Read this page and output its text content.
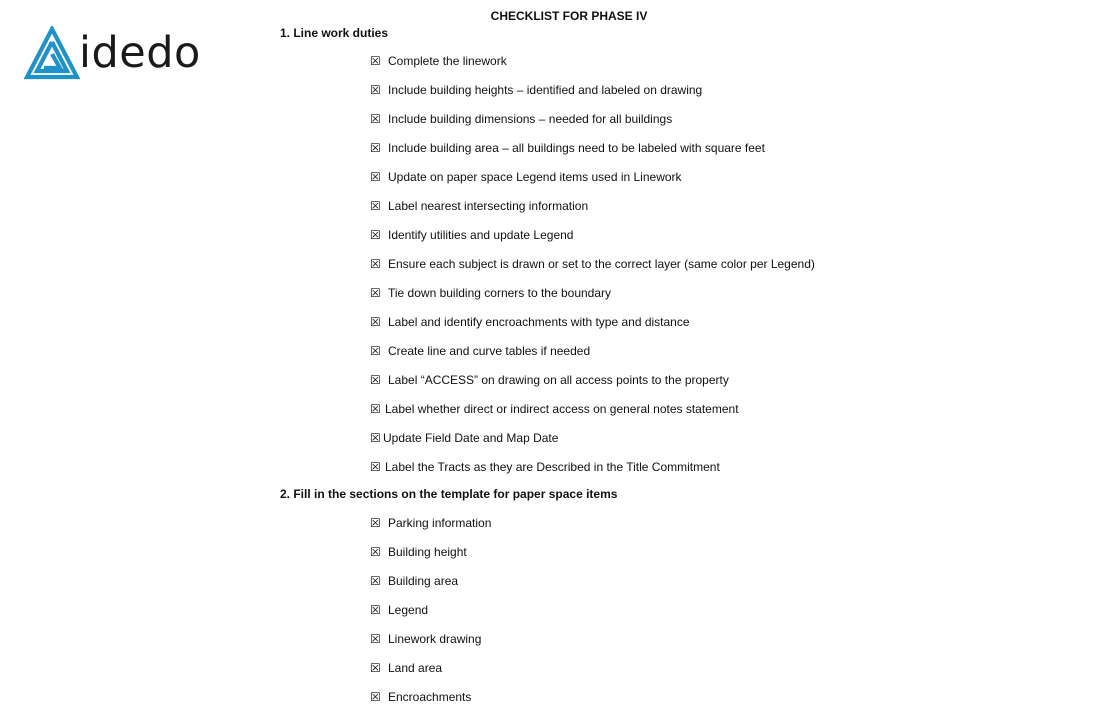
idedo
CHECKLIST FOR PHASE IV
1. Line work duties
☒ Complete the linework
☒ Include building heights – identified and labeled on drawing
☒ Include building dimensions – needed for all buildings
☒ Include building area – all buildings need to be labeled with square feet
☒ Update on paper space Legend items used in Linework
☒ Label nearest intersecting information
☒ Identify utilities and update Legend
☒ Ensure each subject is drawn or set to the correct layer (same color per Legend)
☒ Tie down building corners to the boundary
☒ Label and identify encroachments with type and distance
☒ Create line and curve tables if needed
☒ Label “ACCESS” on drawing on all access points to the property
☒ Label whether direct or indirect access on general notes statement
☒ Update Field Date and Map Date
☒ Label the Tracts as they are Described in the Title Commitment
2. Fill in the sections on the template for paper space items
☒ Parking information
☒ Building height
☒ Building area
☒ Legend
☒ Linework drawing
☒ Land area
☒ Encroachments
